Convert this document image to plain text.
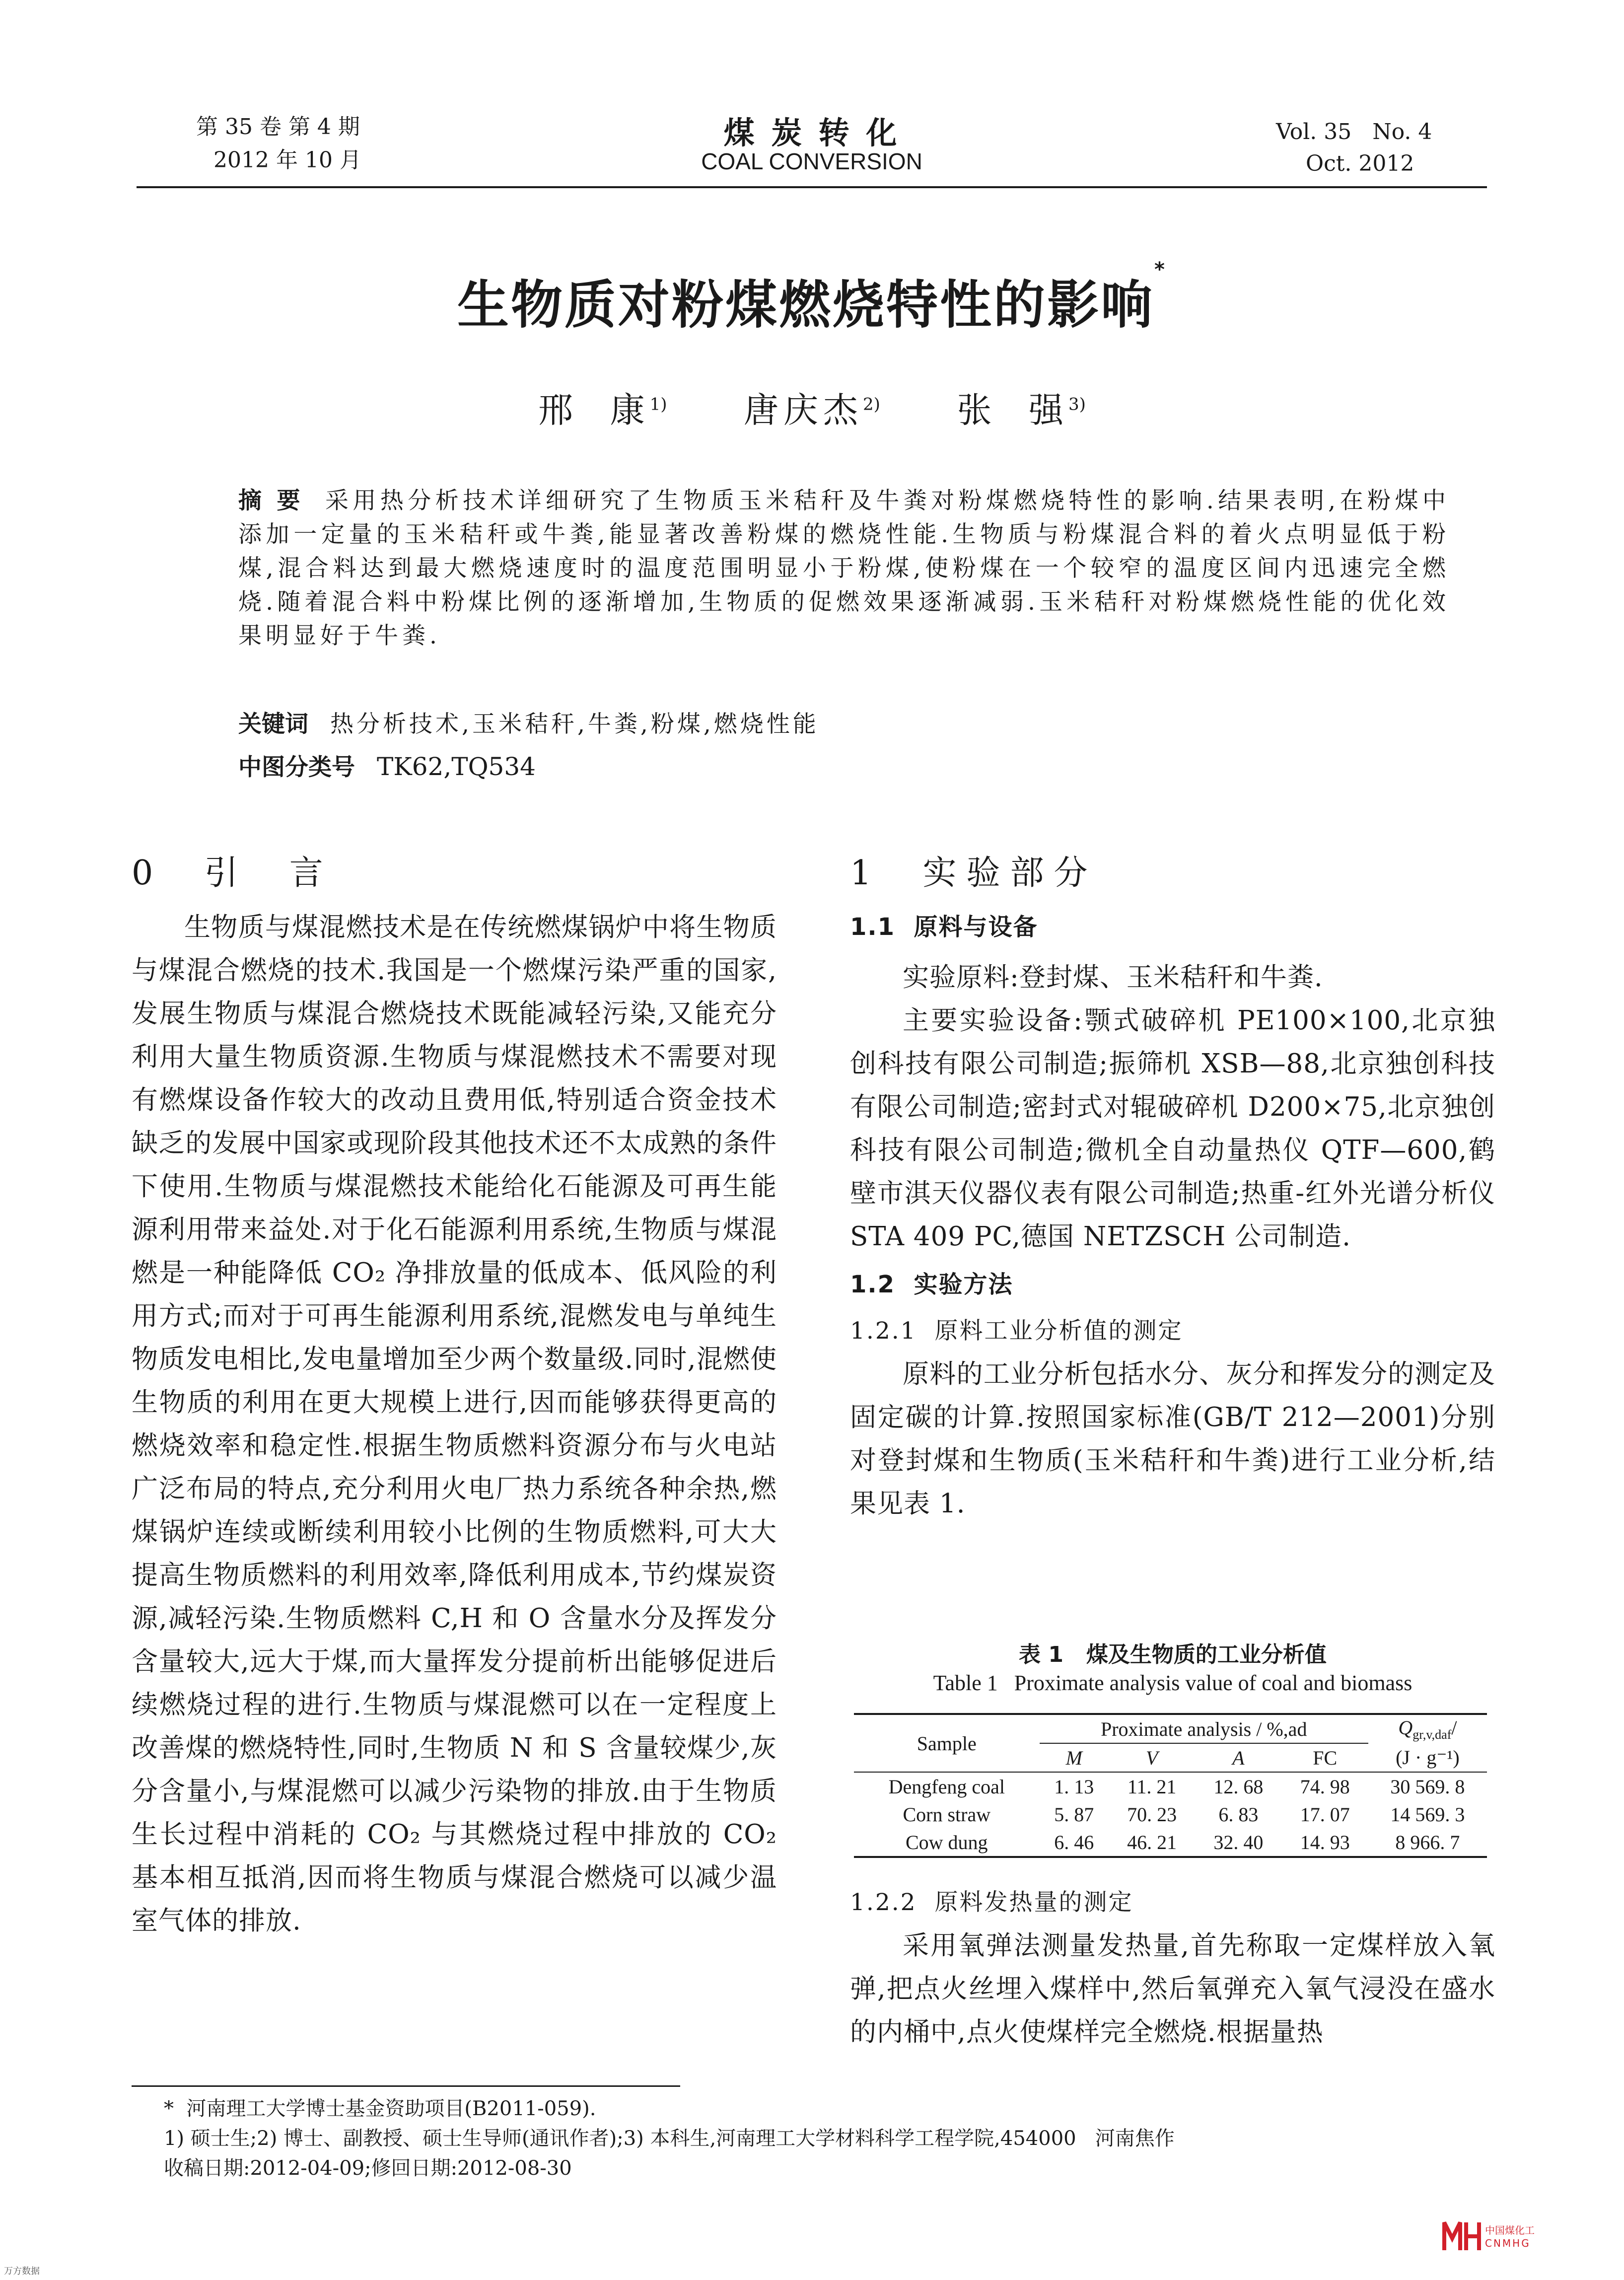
第 35 卷 第 4 期
2012 年 10 月
煤 炭 转 化
COAL CONVERSION
Vol. 35   No. 4
Oct. 2012
生物质对粉煤燃烧特性的影响*
邢  康$^{1)}$ 唐庆杰$^{2)}$ 张  强$^{3)}$
摘要 采用热分析技术详细研究了生物质玉米秸秆及牛粪对粉煤燃烧特性的影响.结果表明,在粉煤中添加一定量的玉米秸秆或牛粪,能显著改善粉煤的燃烧性能.生物质与粉煤混合料的着火点明显低于粉煤,混合料达到最大燃烧速度时的温度范围明显小于粉煤,使粉煤在一个较窄的温度区间内迅速完全燃烧.随着混合料中粉煤比例的逐渐增加,生物质的促燃效果逐渐减弱.玉米秸秆对粉煤燃烧性能的优化效果明显好于牛粪.
关键词 热分析技术,玉米秸秆,牛粪,粉煤,燃烧性能
中图分类号 TK62,TQ534
0  引  言

生物质与煤混燃技术是在传统燃煤锅炉中将生物质与煤混合燃烧的技术.我国是一个燃煤污染严重的国家,发展生物质与煤混合燃烧技术既能减轻污染,又能充分利用大量生物质资源.生物质与煤混燃技术不需要对现有燃煤设备作较大的改动且费用低,特别适合资金技术缺乏的发展中国家或现阶段其他技术还不太成熟的条件下使用.生物质与煤混燃技术能给化石能源及可再生能源利用带来益处.对于化石能源利用系统,生物质与煤混燃是一种能降低 CO₂ 净排放量的低成本、低风险的利用方式;而对于可再生能源利用系统,混燃发电与单纯生物质发电相比,发电量增加至少两个数量级.同时,混燃使生物质的利用在更大规模上进行,因而能够获得更高的燃烧效率和稳定性.根据生物质燃料资源分布与火电站广泛布局的特点,充分利用火电厂热力系统各种余热,燃煤锅炉连续或断续利用较小比例的生物质燃料,可大大提高生物质燃料的利用效率,降低利用成本,节约煤炭资源,减轻污染.生物质燃料 C,H 和 O 含量水分及挥发分含量较大,远大于煤,而大量挥发分提前析出能够促进后续燃烧过程的进行.生物质与煤混燃可以在一定程度上改善煤的燃烧特性,同时,生物质 N 和 S 含量较煤少,灰分含量小,与煤混燃可以减少污染物的排放.由于生物质生长过程中消耗的 CO₂ 与其燃烧过程中排放的 CO₂ 基本相互抵消,因而将生物质与煤混合燃烧可以减少温室气体的排放.

1  实验部分
1.1  原料与设备

实验原料:登封煤、玉米秸秆和牛粪.

主要实验设备:颚式破碎机 PE100×100,北京独创科技有限公司制造;振筛机 XSB—88,北京独创科技有限公司制造;密封式对辊破碎机 D200×75,北京独创科技有限公司制造;微机全自动量热仪 QTF—600,鹤壁市淇天仪器仪表有限公司制造;热重-红外光谱分析仪 STA 409 PC,德国 NETZSCH 公司制造.

1.2  实验方法
1.2.1  原料工业分析值的测定

原料的工业分析包括水分、灰分和挥发分的测定及固定碳的计算.按照国家标准(GB/T 212—2001)分别对登封煤和生物质(玉米秸秆和牛粪)进行工业分析,结果见表 1.

表 1   煤及生物质的工业分析值
Table 1   Proximate analysis value of coal and biomass
Sample	Proximate analysis / %,ad				$Q_{gr,v,daf}/$
	M	V	A	FC	(J · g⁻¹)
Dengfeng coal	1. 13	11. 21	12. 68	74. 98	30 569. 8
Corn straw	5. 87	70. 23	6. 83	17. 07	14 569. 3
Cow dung	6. 46	46. 21	32. 40	14. 93	8 966. 7
1.2.2  原料发热量的测定

采用氧弹法测量发热量,首先称取一定煤样放入氧弹,把点火丝埋入煤样中,然后氧弹充入氧气浸没在盛水的内桶中,点火使煤样完全燃烧.根据量热

*  河南理工大学博士基金资助项目(B2011-059).
1) 硕士生;2) 博士、副教授、硕士生导师(通讯作者);3) 本科生,河南理工大学材料科学工程学院,454000   河南焦作
收稿日期:2012-04-09;修回日期:2012-08-30
中国煤化工
CNMHG
万方数据
